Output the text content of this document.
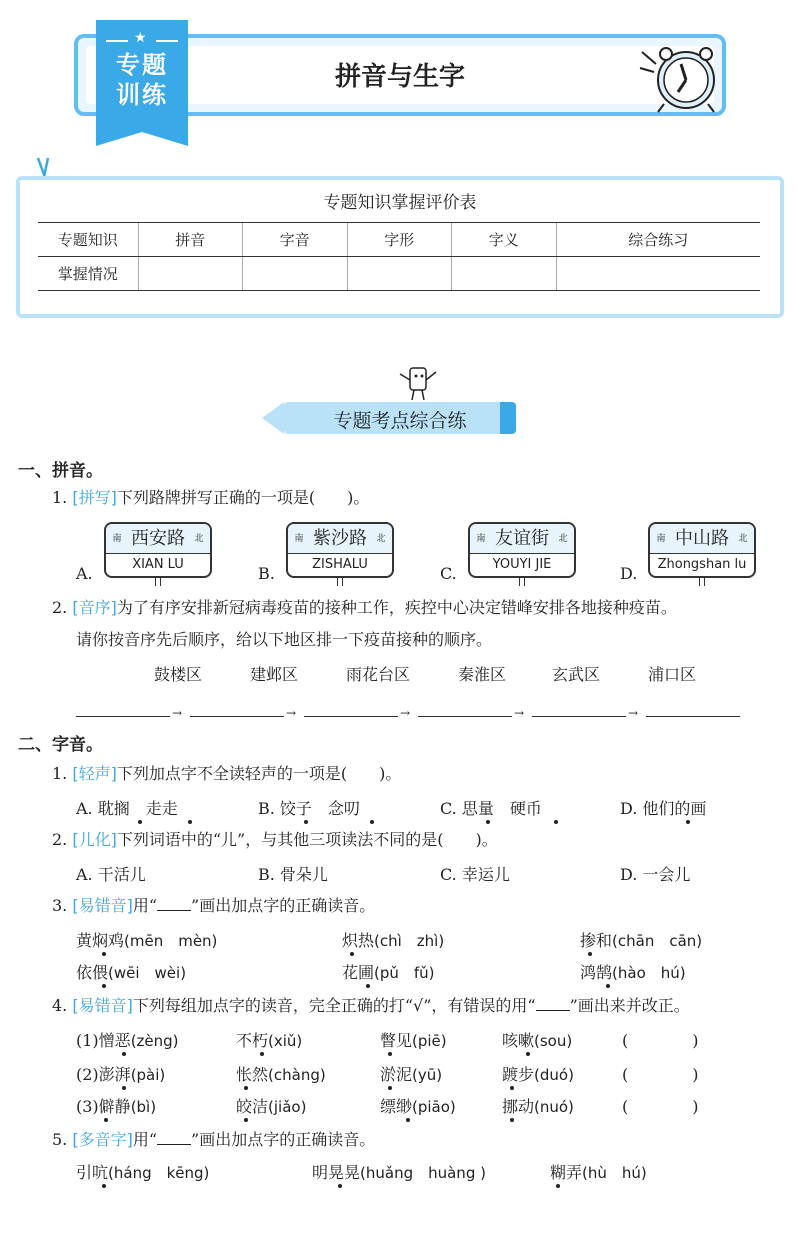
★
专题
训练
拼音与生字
专题知识掌握评价表
专题知识	拼音	字音	字形	字义	综合练习
掌握情况					
专题考点综合练
一、拼音。
1. [拼写]下列路牌拼写正确的一项是(　　)。
A.
南 西安路 北
XIAN LU	B.
南 紫沙路 北
ZISHALU	C.
南 友谊街 北
YOUYI JIE	D.
南 中山路 北
Zhongshan lu
2. [音序]为了有序安排新冠病毒疫苗的接种工作，疾控中心决定错峰安排各地接种疫苗。
请你按音序先后顺序，给以下地区排一下疫苗接种的顺序。
鼓楼区	建邺区	雨花台区	秦淮区	玄武区	浦口区
→	→	→	→	→
二、字音。
1. [轻声]下列加点字不全读轻声的一项是(　　)。
A. 耽搁　走走	B. 饺子　念叨	C. 思量　硬币	D. 他们的画
2. [儿化]下列词语中的“儿”，与其他三项读法不同的是(　　)。
A. 干活儿	B. 骨朵儿	C. 幸运儿	D. 一会儿
3. [易错音]用“ ”画出加点字的正确读音。
黄焖鸡(mēn　mèn)	炽热(chì　zhì)	掺和(chān　cān)
依偎(wēi　wèi)	花圃(pǔ　fǔ)	鸿鹄(hào　hú)
4. [易错音]下列每组加点字的读音，完全正确的打“√”，有错误的用“ ”画出来并改正。
(1)憎恶(zèng)	不朽(xiǔ)	瞥见(piē)	咳嗽(sou)	(　　　　)
(2)澎湃(pài)	怅然(chàng)	淤泥(yū)	踱步(duó)	(　　　　)
(3)僻静(bì)	皎洁(jiǎo)	缥缈(piāo)	挪动(nuó)	(　　　　)
5. [多音字]用“ ”画出加点字的正确读音。
引吭(háng　kēng)	明晃晃(huǎng　huàng )	糊弄(hù　hú)
